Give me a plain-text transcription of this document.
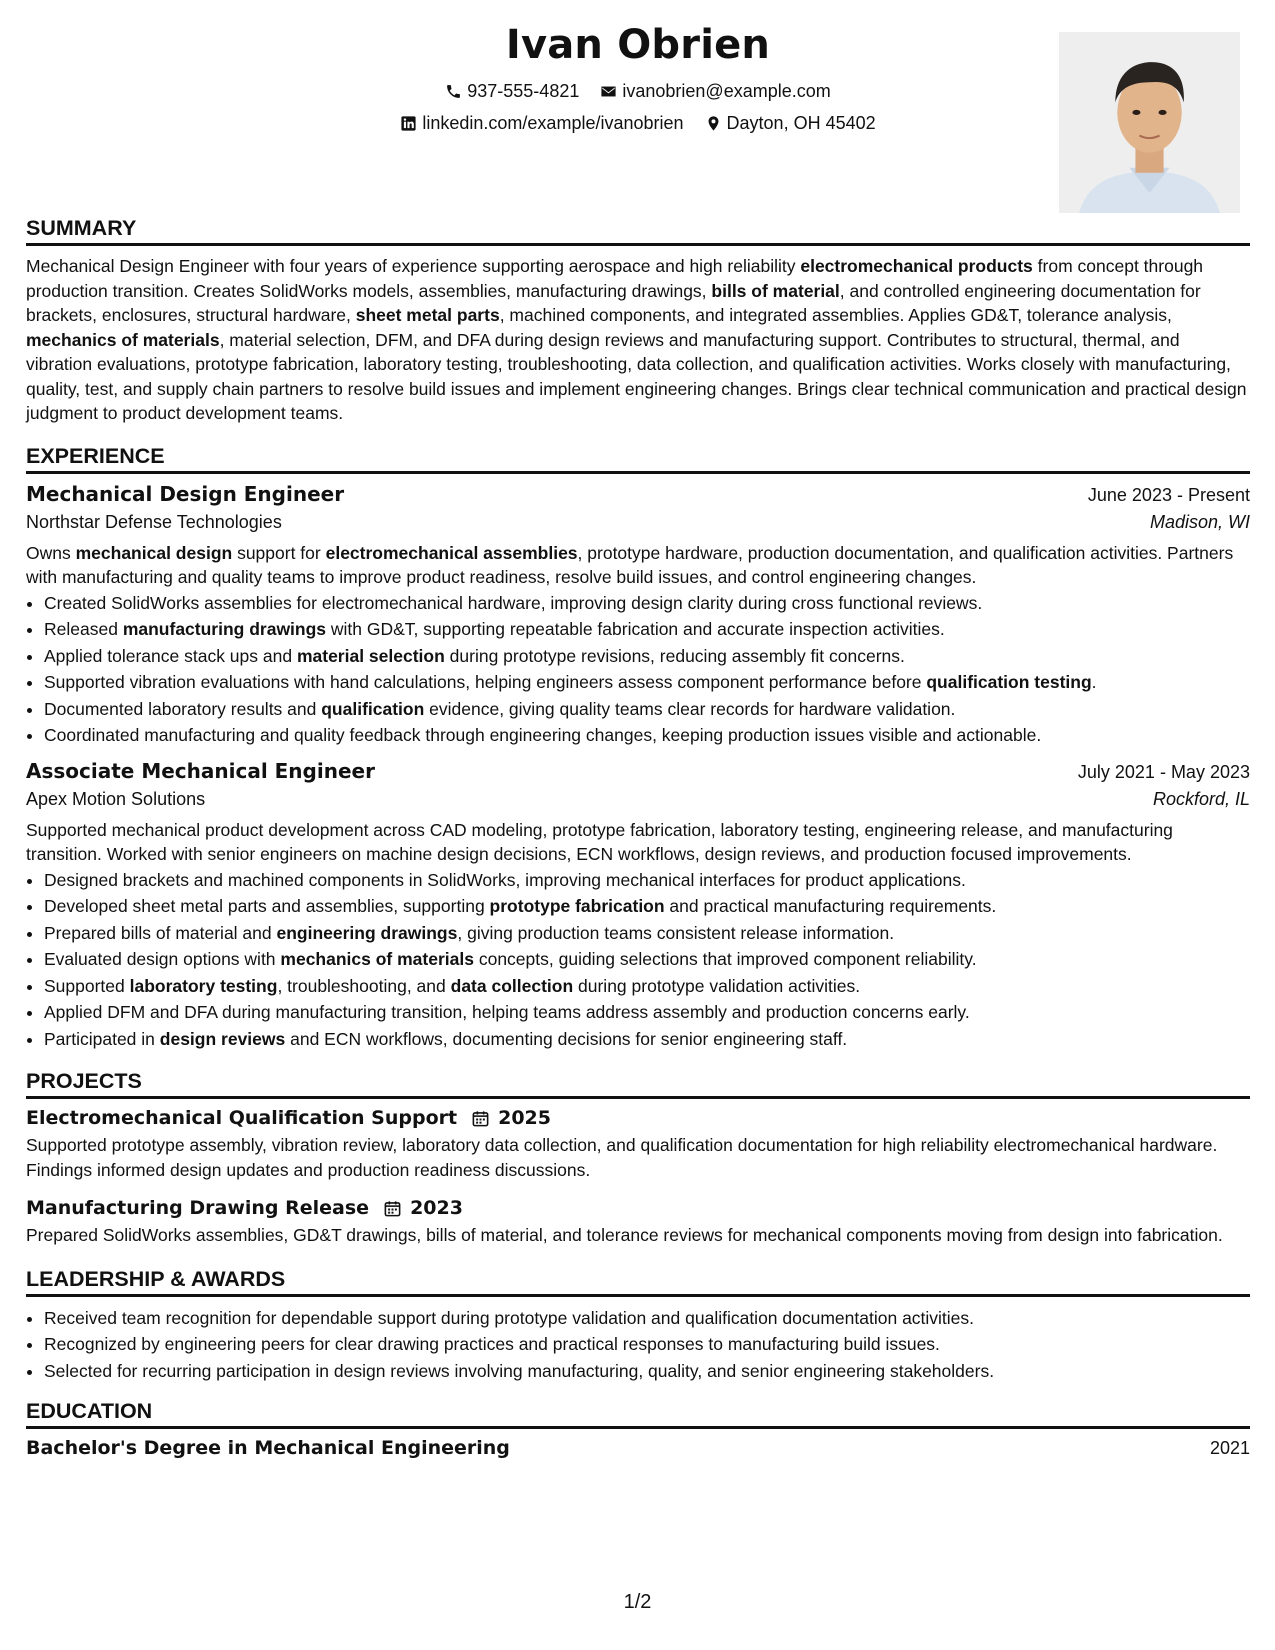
Ivan Obrien
937-555-4821
ivanobrien@example.com
linkedin.com/example/ivanobrien
Dayton, OH 45402
SUMMARY

Mechanical Design Engineer with four years of experience supporting aerospace and high reliability electromechanical products from concept through production transition. Creates SolidWorks models, assemblies, manufacturing drawings, bills of material, and controlled engineering documentation for brackets, enclosures, structural hardware, sheet metal parts, machined components, and integrated assemblies. Applies GD&T, tolerance analysis, mechanics of materials, material selection, DFM, and DFA during design reviews and manufacturing support. Contributes to structural, thermal, and vibration evaluations, prototype fabrication, laboratory testing, troubleshooting, data collection, and qualification activities. Works closely with manufacturing, quality, test, and supply chain partners to resolve build issues and implement engineering changes. Brings clear technical communication and practical design judgment to product development teams.

EXPERIENCE
Mechanical Design Engineer	June 2023 - Present
Northstar Defense Technologies	Madison, WI

Owns mechanical design support for electromechanical assemblies, prototype hardware, production documentation, and qualification activities. Partners with manufacturing and quality teams to improve product readiness, resolve build issues, and control engineering changes.

• Created SolidWorks assemblies for electromechanical hardware, improving design clarity during cross functional reviews.
• Released manufacturing drawings with GD&T, supporting repeatable fabrication and accurate inspection activities.
• Applied tolerance stack ups and material selection during prototype revisions, reducing assembly fit concerns.
• Supported vibration evaluations with hand calculations, helping engineers assess component performance before qualification testing.
• Documented laboratory results and qualification evidence, giving quality teams clear records for hardware validation.
• Coordinated manufacturing and quality feedback through engineering changes, keeping production issues visible and actionable.
Associate Mechanical Engineer	July 2021 - May 2023
Apex Motion Solutions	Rockford, IL

Supported mechanical product development across CAD modeling, prototype fabrication, laboratory testing, engineering release, and manufacturing transition. Worked with senior engineers on machine design decisions, ECN workflows, design reviews, and production focused improvements.

• Designed brackets and machined components in SolidWorks, improving mechanical interfaces for product applications.
• Developed sheet metal parts and assemblies, supporting prototype fabrication and practical manufacturing requirements.
• Prepared bills of material and engineering drawings, giving production teams consistent release information.
• Evaluated design options with mechanics of materials concepts, guiding selections that improved component reliability.
• Supported laboratory testing, troubleshooting, and data collection during prototype validation activities.
• Applied DFM and DFA during manufacturing transition, helping teams address assembly and production concerns early.
• Participated in design reviews and ECN workflows, documenting decisions for senior engineering staff.
PROJECTS
Electromechanical Qualification Support 2025

Supported prototype assembly, vibration review, laboratory data collection, and qualification documentation for high reliability electromechanical hardware. Findings informed design updates and production readiness discussions.

Manufacturing Drawing Release 2023

Prepared SolidWorks assemblies, GD&T drawings, bills of material, and tolerance reviews for mechanical components moving from design into fabrication.

LEADERSHIP & AWARDS
• Received team recognition for dependable support during prototype validation and qualification documentation activities.
• Recognized by engineering peers for clear drawing practices and practical responses to manufacturing build issues.
• Selected for recurring participation in design reviews involving manufacturing, quality, and senior engineering stakeholders.
EDUCATION
Bachelor's Degree in Mechanical Engineering	2021
1/2
